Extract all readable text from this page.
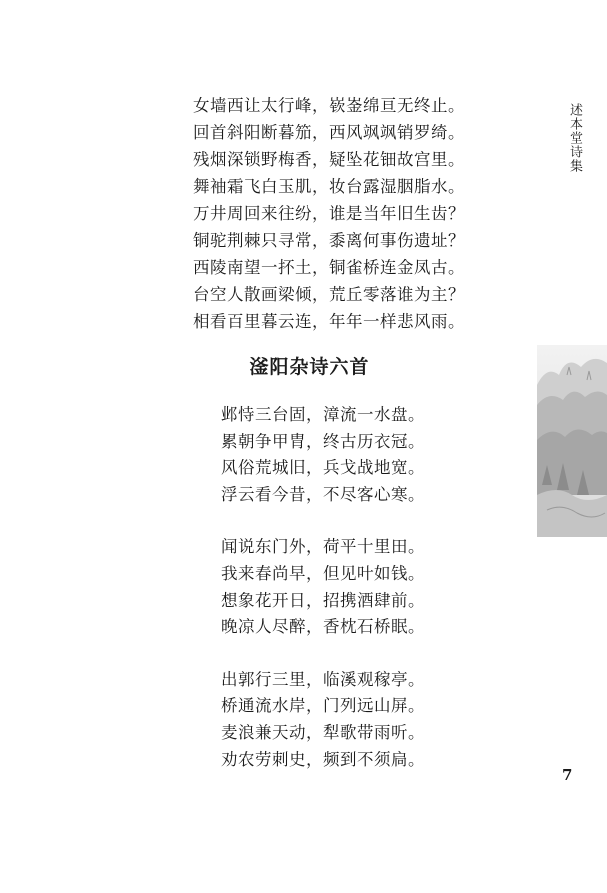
述本堂诗集
女墙西让太行峰，嵚崟绵亘无终止。
回首斜阳断暮笳，西风飒飒销罗绮。
残烟深锁野梅香，疑坠花钿故宫里。
舞袖霜飞白玉肌，妆台露湿胭脂水。
万井周回来往纷，谁是当年旧生齿？
铜驼荆棘只寻常，黍离何事伤遗址？
西陵南望一抔土，铜雀桥连金凤古。
台空人散画梁倾，荒丘零落谁为主？
相看百里暮云连，年年一样悲风雨。
滏阳杂诗六首
邺恃三台固，漳流一水盘。
累朝争甲胄，终古历衣冠。
风俗荒城旧，兵戈战地宽。
浮云看今昔，不尽客心寒。
闻说东门外，荷平十里田。
我来春尚早，但见叶如钱。
想象花开日，招携酒肆前。
晚凉人尽醉，香枕石桥眠。
出郭行三里，临溪观稼亭。
桥通流水岸，门列远山屏。
麦浪兼天动，犁歌带雨听。
劝农劳刺史，频到不须扃。
7
